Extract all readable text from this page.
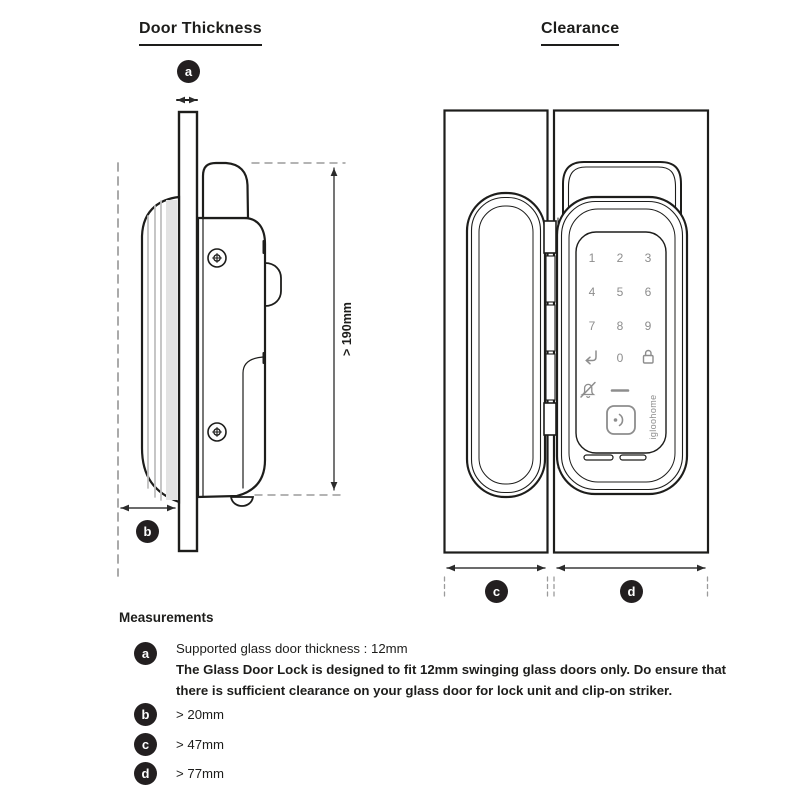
> 190mm
1 2 3
4 5 6
7 8 9
0
igloohome
Door Thickness	Clearance
a
b
c	d
Measurements
a	Supported glass door thickness : 12mm
The Glass Door Lock is designed to fit 12mm swinging glass doors only. Do ensure that
there is sufficient clearance on your glass door for lock unit and clip-on striker.
b	> 20mm
c	> 47mm
d	> 77mm
